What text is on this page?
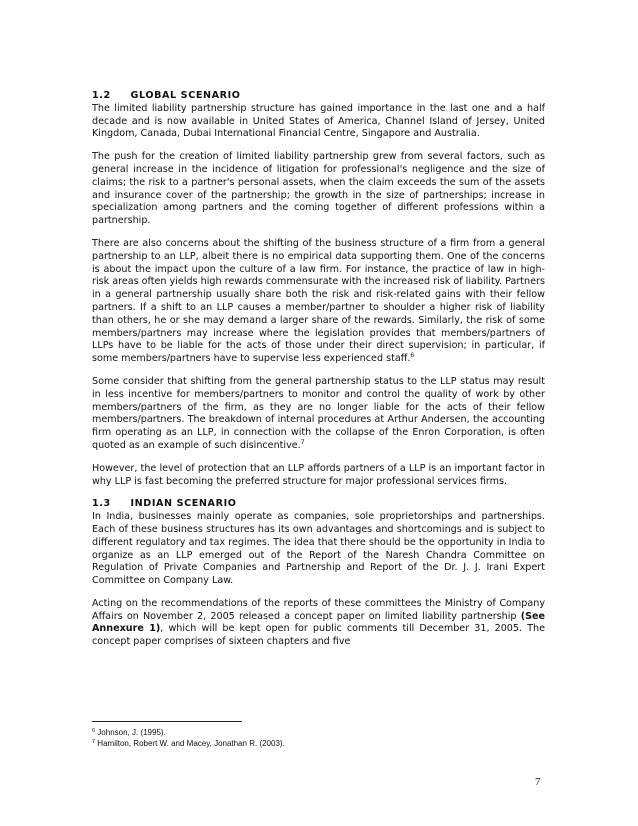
1.2     GLOBAL SCENARIO

The limited liability partnership structure has gained importance in the last one and a half decade and is now available in United States of America, Channel Island of Jersey, United Kingdom, Canada, Dubai International Financial Centre, Singapore and Australia.

The push for the creation of limited liability partnership grew from several factors, such as general increase in the incidence of litigation for professional's negligence and the size of claims; the risk to a partner's personal assets, when the claim exceeds the sum of the assets and insurance cover of the partnership; the growth in the size of partnerships; increase in specialization among partners and the coming together of different professions within a partnership.

There are also concerns about the shifting of the business structure of a firm from a general partnership to an LLP, albeit there is no empirical data supporting them. One of the concerns is about the impact upon the culture of a law firm. For instance, the practice of law in high-risk areas often yields high rewards commensurate with the increased risk of liability. Partners in a general partnership usually share both the risk and risk-related gains with their fellow partners. If a shift to an LLP causes a member/partner to shoulder a higher risk of liability than others, he or she may demand a larger share of the rewards. Similarly, the risk of some members/partners may increase where the legislation provides that members/partners of LLPs have to be liable for the acts of those under their direct supervision; in particular, if some members/partners have to supervise less experienced staff.$^6$

Some consider that shifting from the general partnership status to the LLP status may result in less incentive for members/partners to monitor and control the quality of work by other members/partners of the firm, as they are no longer liable for the acts of their fellow members/partners. The breakdown of internal procedures at Arthur Andersen, the accounting firm operating as an LLP, in connection with the collapse of the Enron Corporation, is often quoted as an example of such disincentive.$^7$

However, the level of protection that an LLP affords partners of a LLP is an important factor in why LLP is fast becoming the preferred structure for major professional services firms.

1.3     INDIAN SCENARIO

In India, businesses mainly operate as companies, sole proprietorships and partnerships. Each of these business structures has its own advantages and shortcomings and is subject to different regulatory and tax regimes. The idea that there should be the opportunity in India to organize as an LLP emerged out of the Report of the Naresh Chandra Committee on Regulation of Private Companies and Partnership and Report of the Dr. J. J. Irani Expert Committee on Company Law.

Acting on the recommendations of the reports of these committees the Ministry of Company Affairs on November 2, 2005 released a concept paper on limited liability partnership (See Annexure 1), which will be kept open for public comments till December 31, 2005. The concept paper comprises of sixteen chapters and five

$^6$ Johnson, J. (1995).

$^7$ Hamilton, Robert W. and Macey, Jonathan R. (2003).

7
